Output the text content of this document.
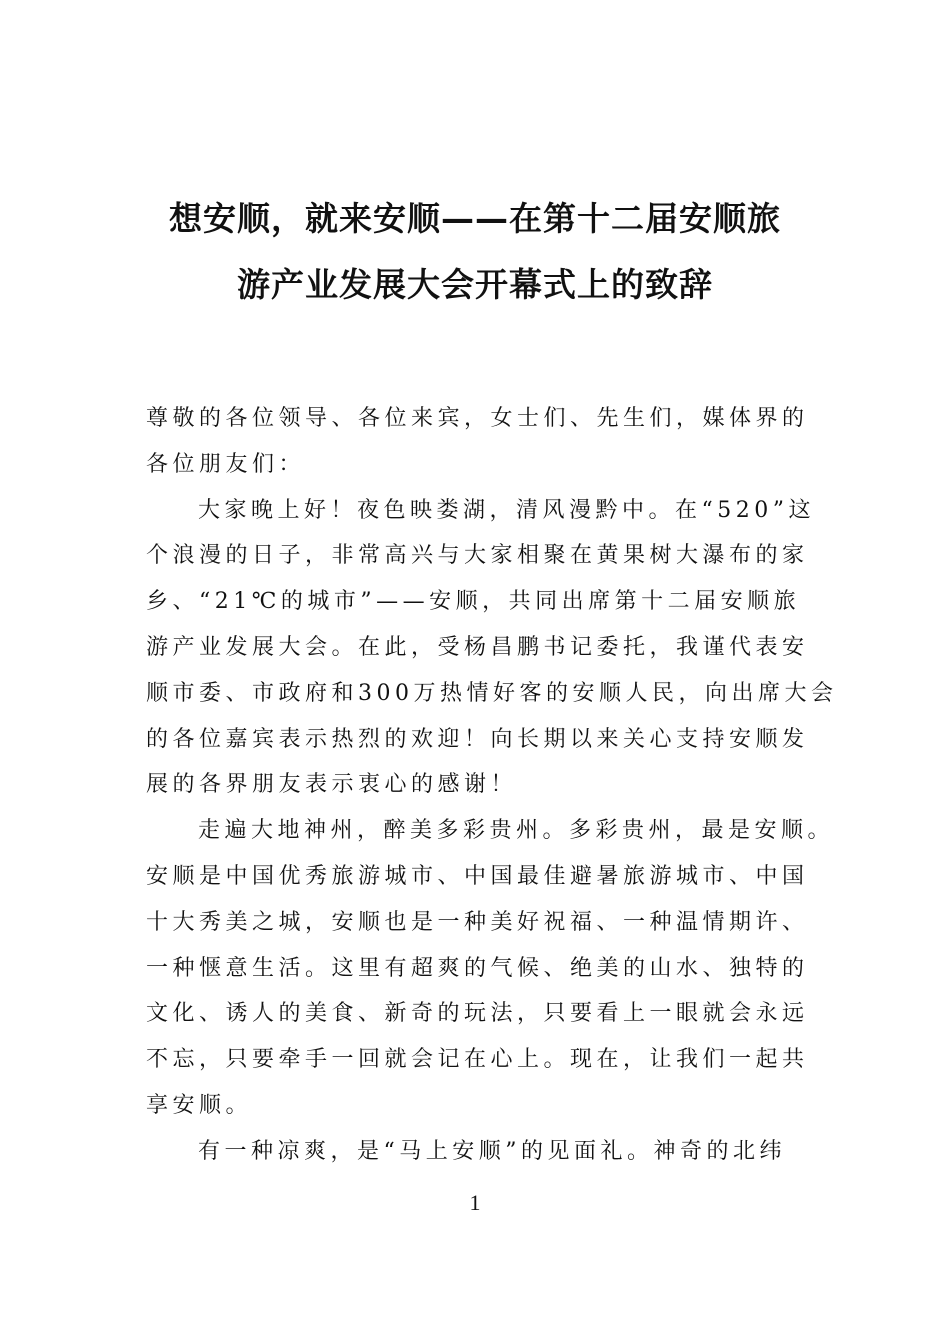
想安顺，就来安顺——在第十二届安顺旅
游产业发展大会开幕式上的致辞
尊敬的各位领导、各位来宾，女士们、先生们，媒体界的
各位朋友们：
大家晚上好！夜色映娄湖，清风漫黔中。在“520”这
个浪漫的日子，非常高兴与大家相聚在黄果树大瀑布的家
乡、“21℃的城市”——安顺，共同出席第十二届安顺旅
游产业发展大会。在此，受杨昌鹏书记委托，我谨代表安
顺市委、市政府和300万热情好客的安顺人民，向出席大会
的各位嘉宾表示热烈的欢迎！向长期以来关心支持安顺发
展的各界朋友表示衷心的感谢！
走遍大地神州，醉美多彩贵州。多彩贵州，最是安顺。
安顺是中国优秀旅游城市、中国最佳避暑旅游城市、中国
十大秀美之城，安顺也是一种美好祝福、一种温情期许、
一种惬意生活。这里有超爽的气候、绝美的山水、独特的
文化、诱人的美食、新奇的玩法，只要看上一眼就会永远
不忘，只要牵手一回就会记在心上。现在，让我们一起共
享安顺。
有一种凉爽，是“马上安顺”的见面礼。神奇的北纬
1
